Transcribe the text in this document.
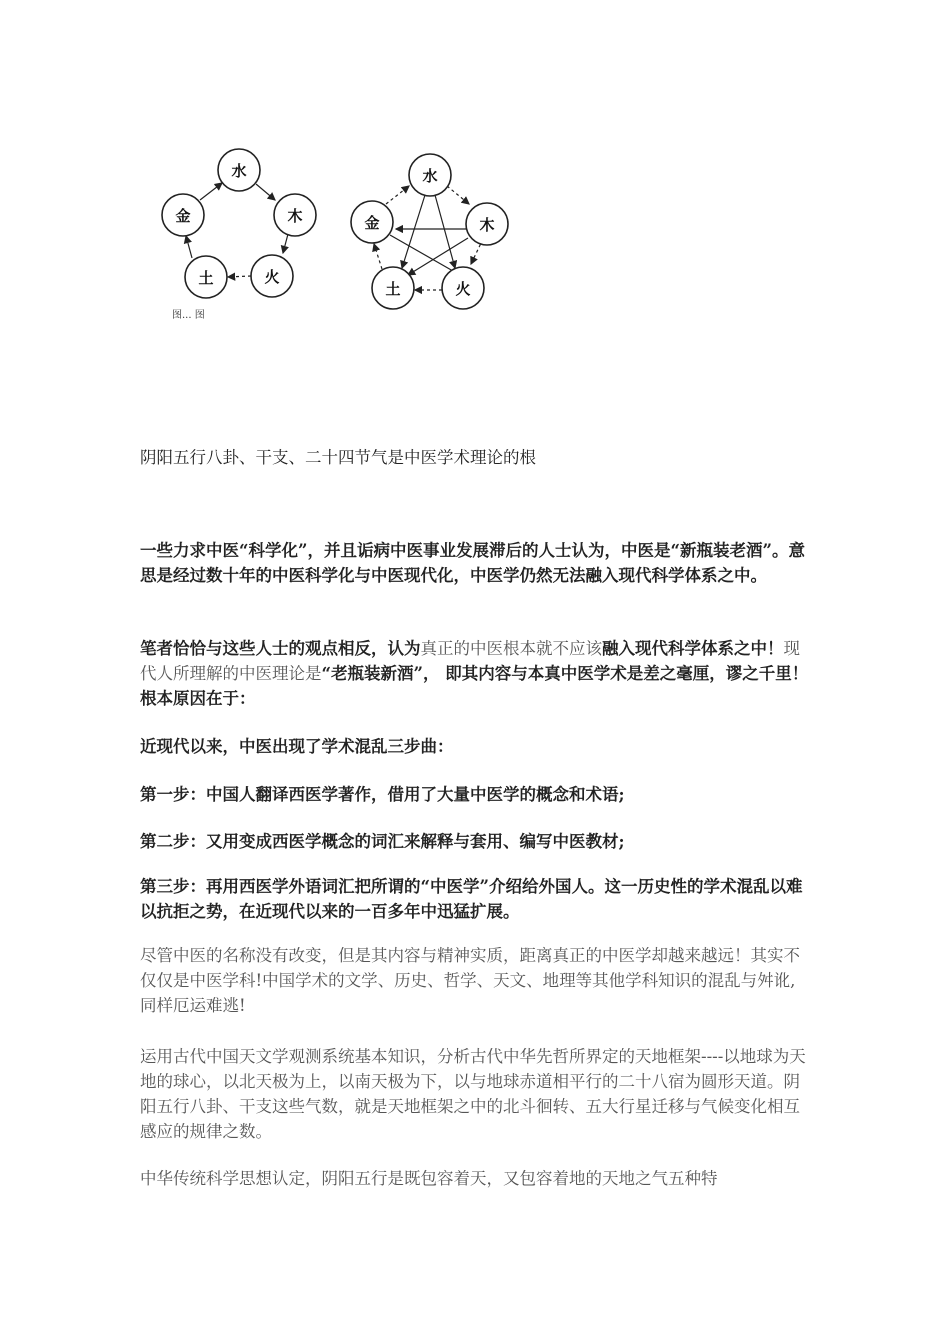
水
木
火
土
金
图... 图
水
木
火
土
金
阴阳五行八卦、干支、二十四节气是中医学术理论的根
一些力求中医“科学化”，并且诟病中医事业发展滞后的人士认为，中医是“新瓶装老酒”。意思是经过数十年的中医科学化与中医现代化，中医学仍然无法融入现代科学体系之中。
笔者恰恰与这些人士的观点相反，认为真正的中医根本就不应该融入现代科学体系之中！现代人所理解的中医理论是“老瓶装新酒”， 即其内容与本真中医学术是差之毫厘，谬之千里！根本原因在于：
近现代以来，中医出现了学术混乱三步曲：
第一步：中国人翻译西医学著作，借用了大量中医学的概念和术语;
第二步：又用变成西医学概念的词汇来解释与套用、编写中医教材;
第三步：再用西医学外语词汇把所谓的“中医学”介绍给外国人。这一历史性的学术混乱以难以抗拒之势，在近现代以来的一百多年中迅猛扩展。
尽管中医的名称没有改变，但是其内容与精神实质，距离真正的中医学却越来越远！其实不仅仅是中医学科!中国学术的文学、历史、哲学、天文、地理等其他学科知识的混乱与舛讹,同样厄运难逃!
运用古代中国天文学观测系统基本知识，分析古代中华先哲所界定的天地框架----以地球为天地的球心，以北天极为上，以南天极为下，以与地球赤道相平行的二十八宿为圆形天道。阴阳五行八卦、干支这些气数，就是天地框架之中的北斗徊转、五大行星迁移与气候变化相互感应的规律之数。
中华传统科学思想认定，阴阳五行是既包容着天，又包容着地的天地之气五种特
